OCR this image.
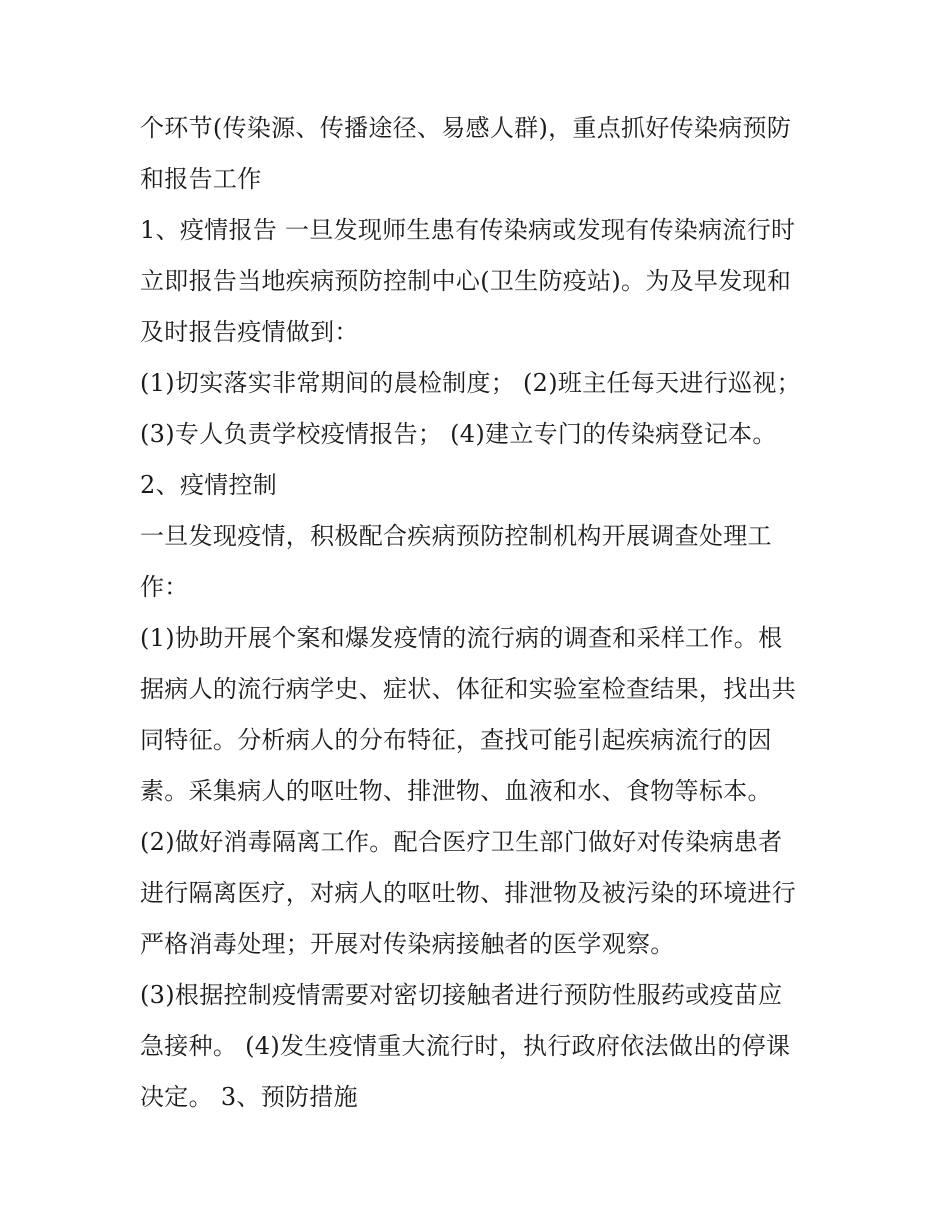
个环节(传染源、传播途径、易感人群)，重点抓好传染病预防
和报告工作
1、疫情报告 一旦发现师生患有传染病或发现有传染病流行时
立即报告当地疾病预防控制中心(卫生防疫站)。为及早发现和
及时报告疫情做到：
(1)切实落实非常期间的晨检制度； (2)班主任每天进行巡视；
(3)专人负责学校疫情报告； (4)建立专门的传染病登记本。
2、疫情控制
一旦发现疫情，积极配合疾病预防控制机构开展调查处理工
作：
(1)协助开展个案和爆发疫情的流行病的调查和采样工作。根
据病人的流行病学史、症状、体征和实验室检查结果，找出共
同特征。分析病人的分布特征，查找可能引起疾病流行的因
素。采集病人的呕吐物、排泄物、血液和水、食物等标本。
(2)做好消毒隔离工作。配合医疗卫生部门做好对传染病患者
进行隔离医疗，对病人的呕吐物、排泄物及被污染的环境进行
严格消毒处理；开展对传染病接触者的医学观察。
(3)根据控制疫情需要对密切接触者进行预防性服药或疫苗应
急接种。 (4)发生疫情重大流行时，执行政府依法做出的停课
决定。 3、预防措施
